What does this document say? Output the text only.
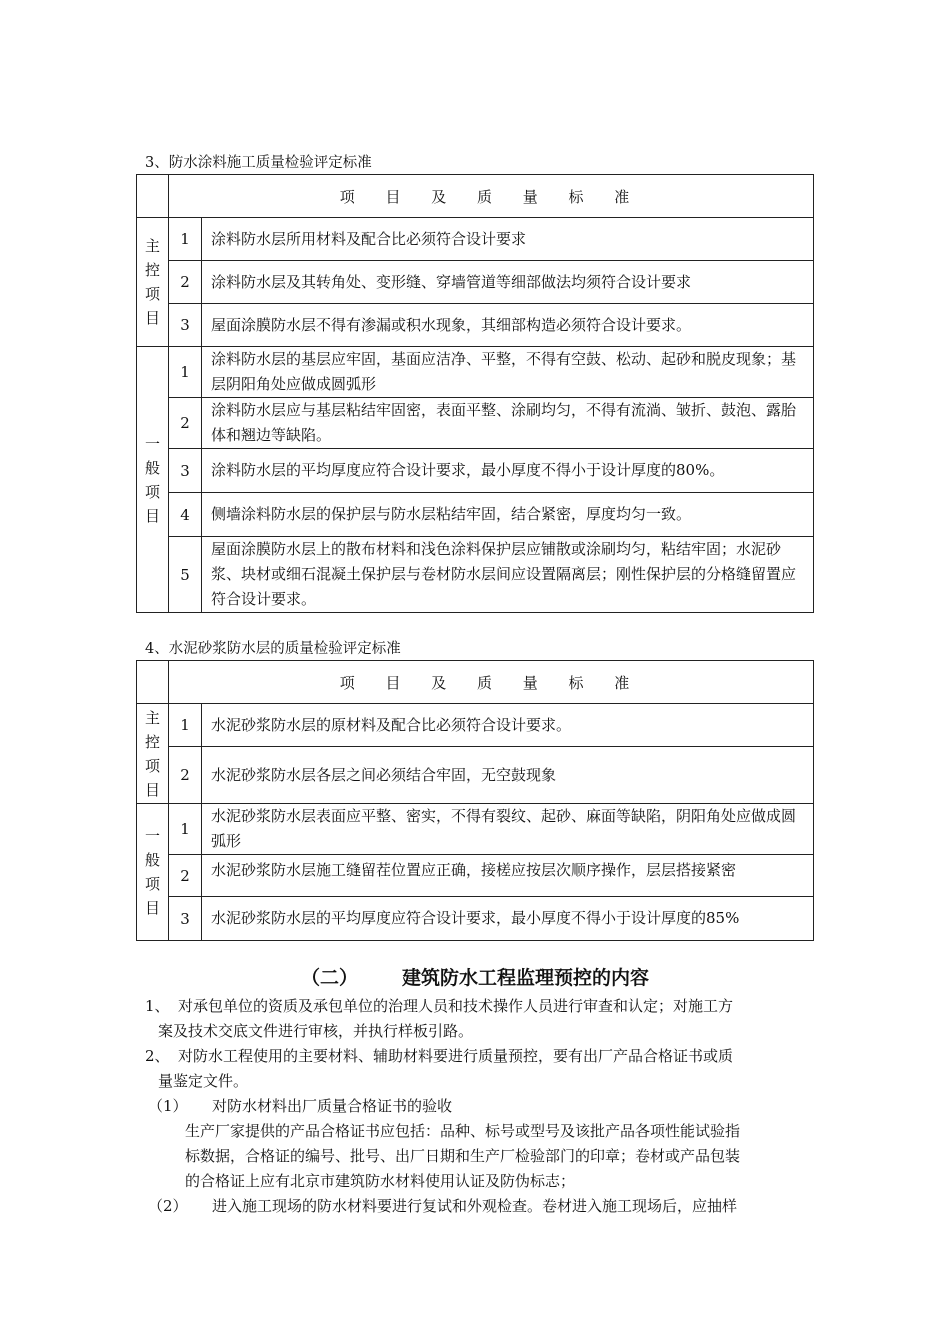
3、防水涂料施工质量检验评定标准
	项 目 及 质 量 标 准	
主
控
项
目	1	涂料防水层所用材料及配合比必须符合设计要求
	2	涂料防水层及其转角处、变形缝、穿墙管道等细部做法均须符合设计要求
	3	屋面涂膜防水层不得有渗漏或积水现象，其细部构造必须符合设计要求。
一
般
项
目	1	涂料防水层的基层应牢固，基面应洁净、平整，不得有空鼓、松动、起砂和脱皮现象；基层阴阳角处应做成圆弧形
	2	涂料防水层应与基层粘结牢固密，表面平整、涂刷均匀，不得有流淌、皱折、鼓泡、露胎体和翘边等缺陷。
	3	涂料防水层的平均厚度应符合设计要求，最小厚度不得小于设计厚度的80%。
	4	侧墙涂料防水层的保护层与防水层粘结牢固，结合紧密，厚度均匀一致。
	5	屋面涂膜防水层上的散布材料和浅色涂料保护层应铺散或涂刷均匀，粘结牢固；水泥砂浆、块材或细石混凝土保护层与卷材防水层间应设置隔离层；刚性保护层的分格缝留置应符合设计要求。
4、水泥砂浆防水层的质量检验评定标准
	项 目 及 质 量 标 准	
主
控
项
目	1	水泥砂浆防水层的原材料及配合比必须符合设计要求。
	2	水泥砂浆防水层各层之间必须结合牢固，无空鼓现象
一
般
项
目	1	水泥砂浆防水层表面应平整、密实，不得有裂纹、起砂、麻面等缺陷，阴阳角处应做成圆弧形
	2	水泥砂浆防水层施工缝留茬位置应正确，接槎应按层次顺序操作，层层搭接紧密
	3	水泥砂浆防水层的平均厚度应符合设计要求，最小厚度不得小于设计厚度的85%
（二） 建筑防水工程监理预控的内容
1、 对承包单位的资质及承包单位的治理人员和技术操作人员进行审查和认定；对施工方
案及技术交底文件进行审核，并执行样板引路。
2、 对防水工程使用的主要材料、辅助材料要进行质量预控，要有出厂产品合格证书或质
量鉴定文件。
（1） 对防水材料出厂质量合格证书的验收
生产厂家提供的产品合格证书应包括：品种、标号或型号及该批产品各项性能试验指
标数据，合格证的编号、批号、出厂日期和生产厂检验部门的印章；卷材或产品包装
的合格证上应有北京市建筑防水材料使用认证及防伪标志；
（2） 进入施工现场的防水材料要进行复试和外观检查。卷材进入施工现场后，应抽样
